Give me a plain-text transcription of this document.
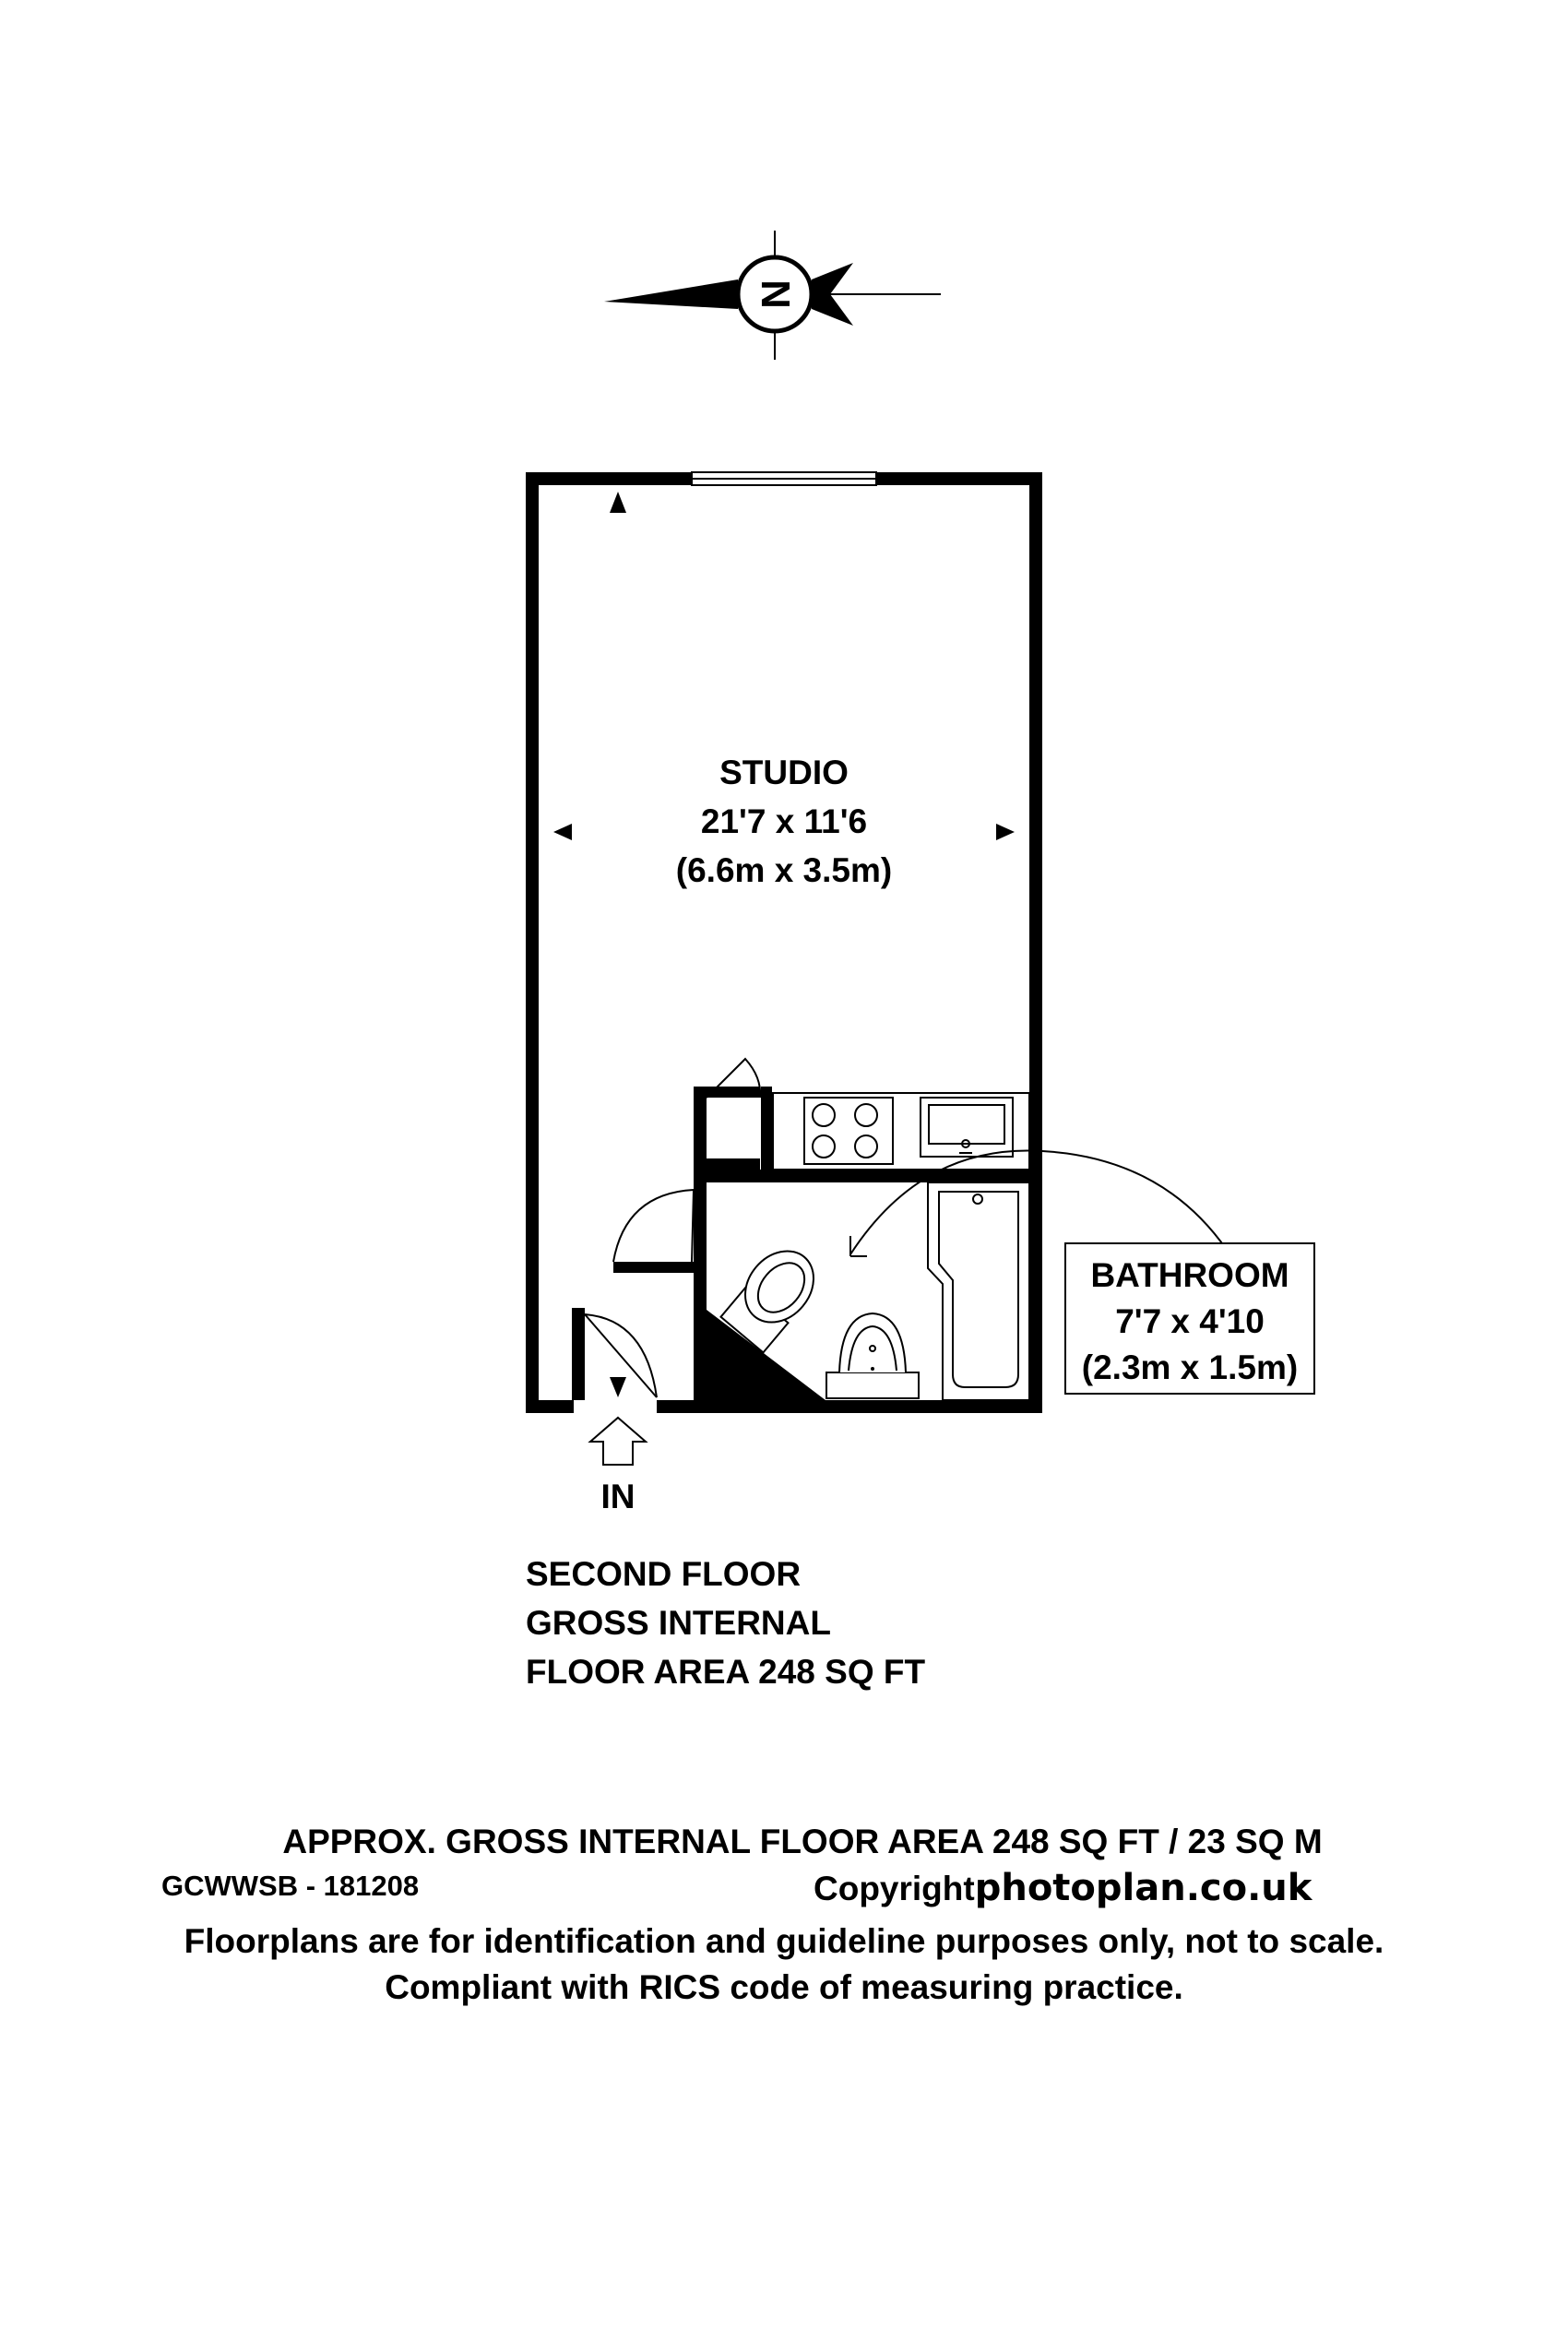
N
STUDIO
21'7 x 11'6
(6.6m x 3.5m)
BATHROOM
7'7 x 4'10
(2.3m x 1.5m)
IN
SECOND FLOOR
GROSS INTERNAL
FLOOR AREA 248 SQ FT
APPROX. GROSS INTERNAL FLOOR AREA 248 SQ FT / 23 SQ M
GCWWSB - 181208	Copyrightphotoplan.co.uk
Floorplans are for identification and guideline purposes only, not to scale.
Compliant with RICS code of measuring practice.
